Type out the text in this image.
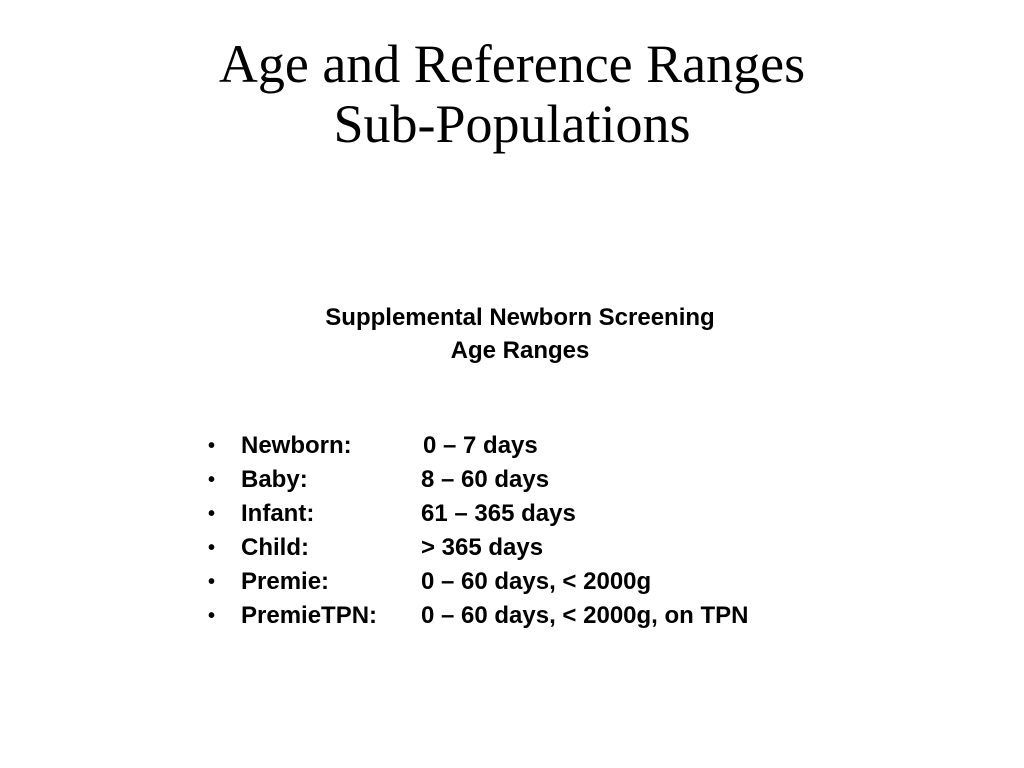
Age and Reference Ranges
Sub-Populations
Supplemental Newborn Screening
Age Ranges
•	Newborn:	0 – 7 days
•	Baby:	8 – 60 days
•	Infant:	61 – 365 days
•	Child:	> 365 days
•	Premie:	0 – 60 days, < 2000g
•	PremieTPN:	0 – 60 days, < 2000g, on TPN
